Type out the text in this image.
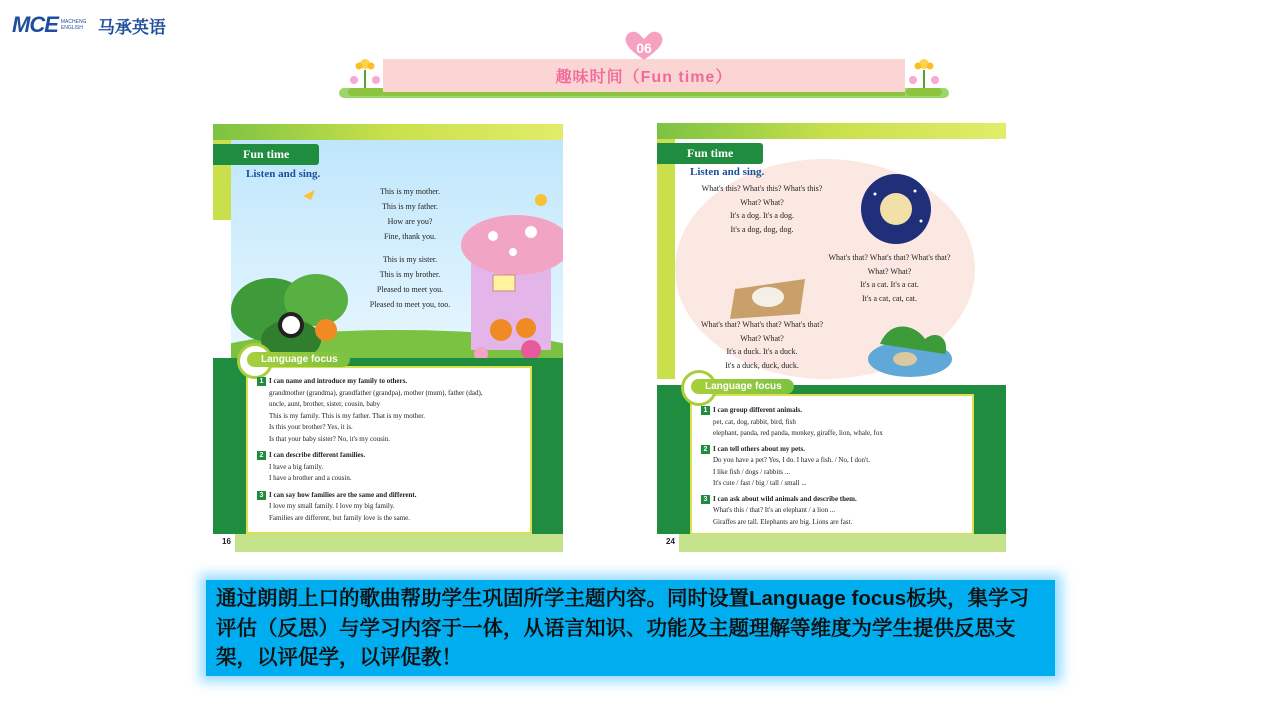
MCE MACHENG ENGLISH 马承英语
06
趣味时间（Fun time）
Fun time
Listen and sing.
This is my mother.
This is my father.
How are you?
Fine, thank you.
This is my sister.
This is my brother.
Pleased to meet you.
Pleased to meet you, too.
Language focus
1 I can name and introduce my family to others.
grandmother (grandma), grandfather (grandpa), mother (mum), father (dad),
uncle, aunt, brother, sister, cousin, baby
This is my family. This is my father. That is my mother.
Is this your brother? Yes, it is.
Is that your baby sister? No, it's my cousin.
2 I can describe different families.
I have a big family.
I have a brother and a cousin.
3 I can say how families are the same and different.
I love my small family. I love my big family.
Families are different, but family love is the same.
16
Fun time
Listen and sing.
What's this? What's this? What's this?
What? What?
It's a dog. It's a dog.
It's a dog, dog, dog.
What's that? What's that? What's that?
What? What?
It's a cat. It's a cat.
It's a cat, cat, cat.
What's that? What's that? What's that?
What? What?
It's a duck. It's a duck.
It's a duck, duck, duck.
Language focus
1 I can group different animals.
pet, cat, dog, rabbit, bird, fish
elephant, panda, red panda, monkey, giraffe, lion, whale, fox
2 I can tell others about my pets.
Do you have a pet? Yes, I do. I have a fish. / No, I don't.
I like fish / dogs / rabbits ...
It's cute / fast / big / tall / small ...
3 I can ask about wild animals and describe them.
What's this / that? It's an elephant / a lion ...
Giraffes are tall. Elephants are big. Lions are fast.
24
通过朗朗上口的歌曲帮助学生巩固所学主题内容。同时设置Language focus板块，集学习评估（反思）与学习内容于一体，从语言知识、功能及主题理解等维度为学生提供反思支架，以评促学，以评促教！
